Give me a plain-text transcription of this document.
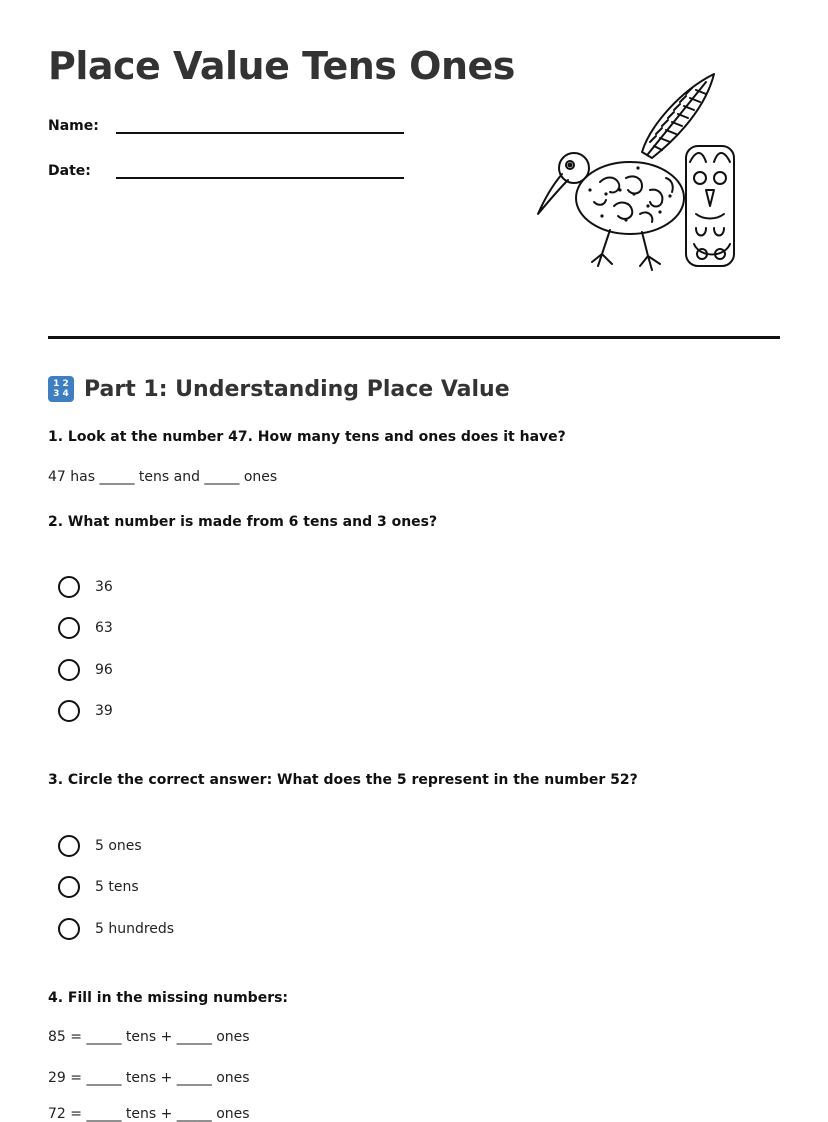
Place Value Tens Ones
Name:
Date:
1 2
3 4 Part 1: Understanding Place Value

1. Look at the number 47. How many tens and ones does it have?

47 has _____ tens and _____ ones

2. What number is made from 6 tens and 3 ones?

36
63
96
39

3. Circle the correct answer: What does the 5 represent in the number 52?

5 ones
5 tens
5 hundreds

4. Fill in the missing numbers:

85 = _____ tens + _____ ones

29 = _____ tens + _____ ones

72 = _____ tens + _____ ones
